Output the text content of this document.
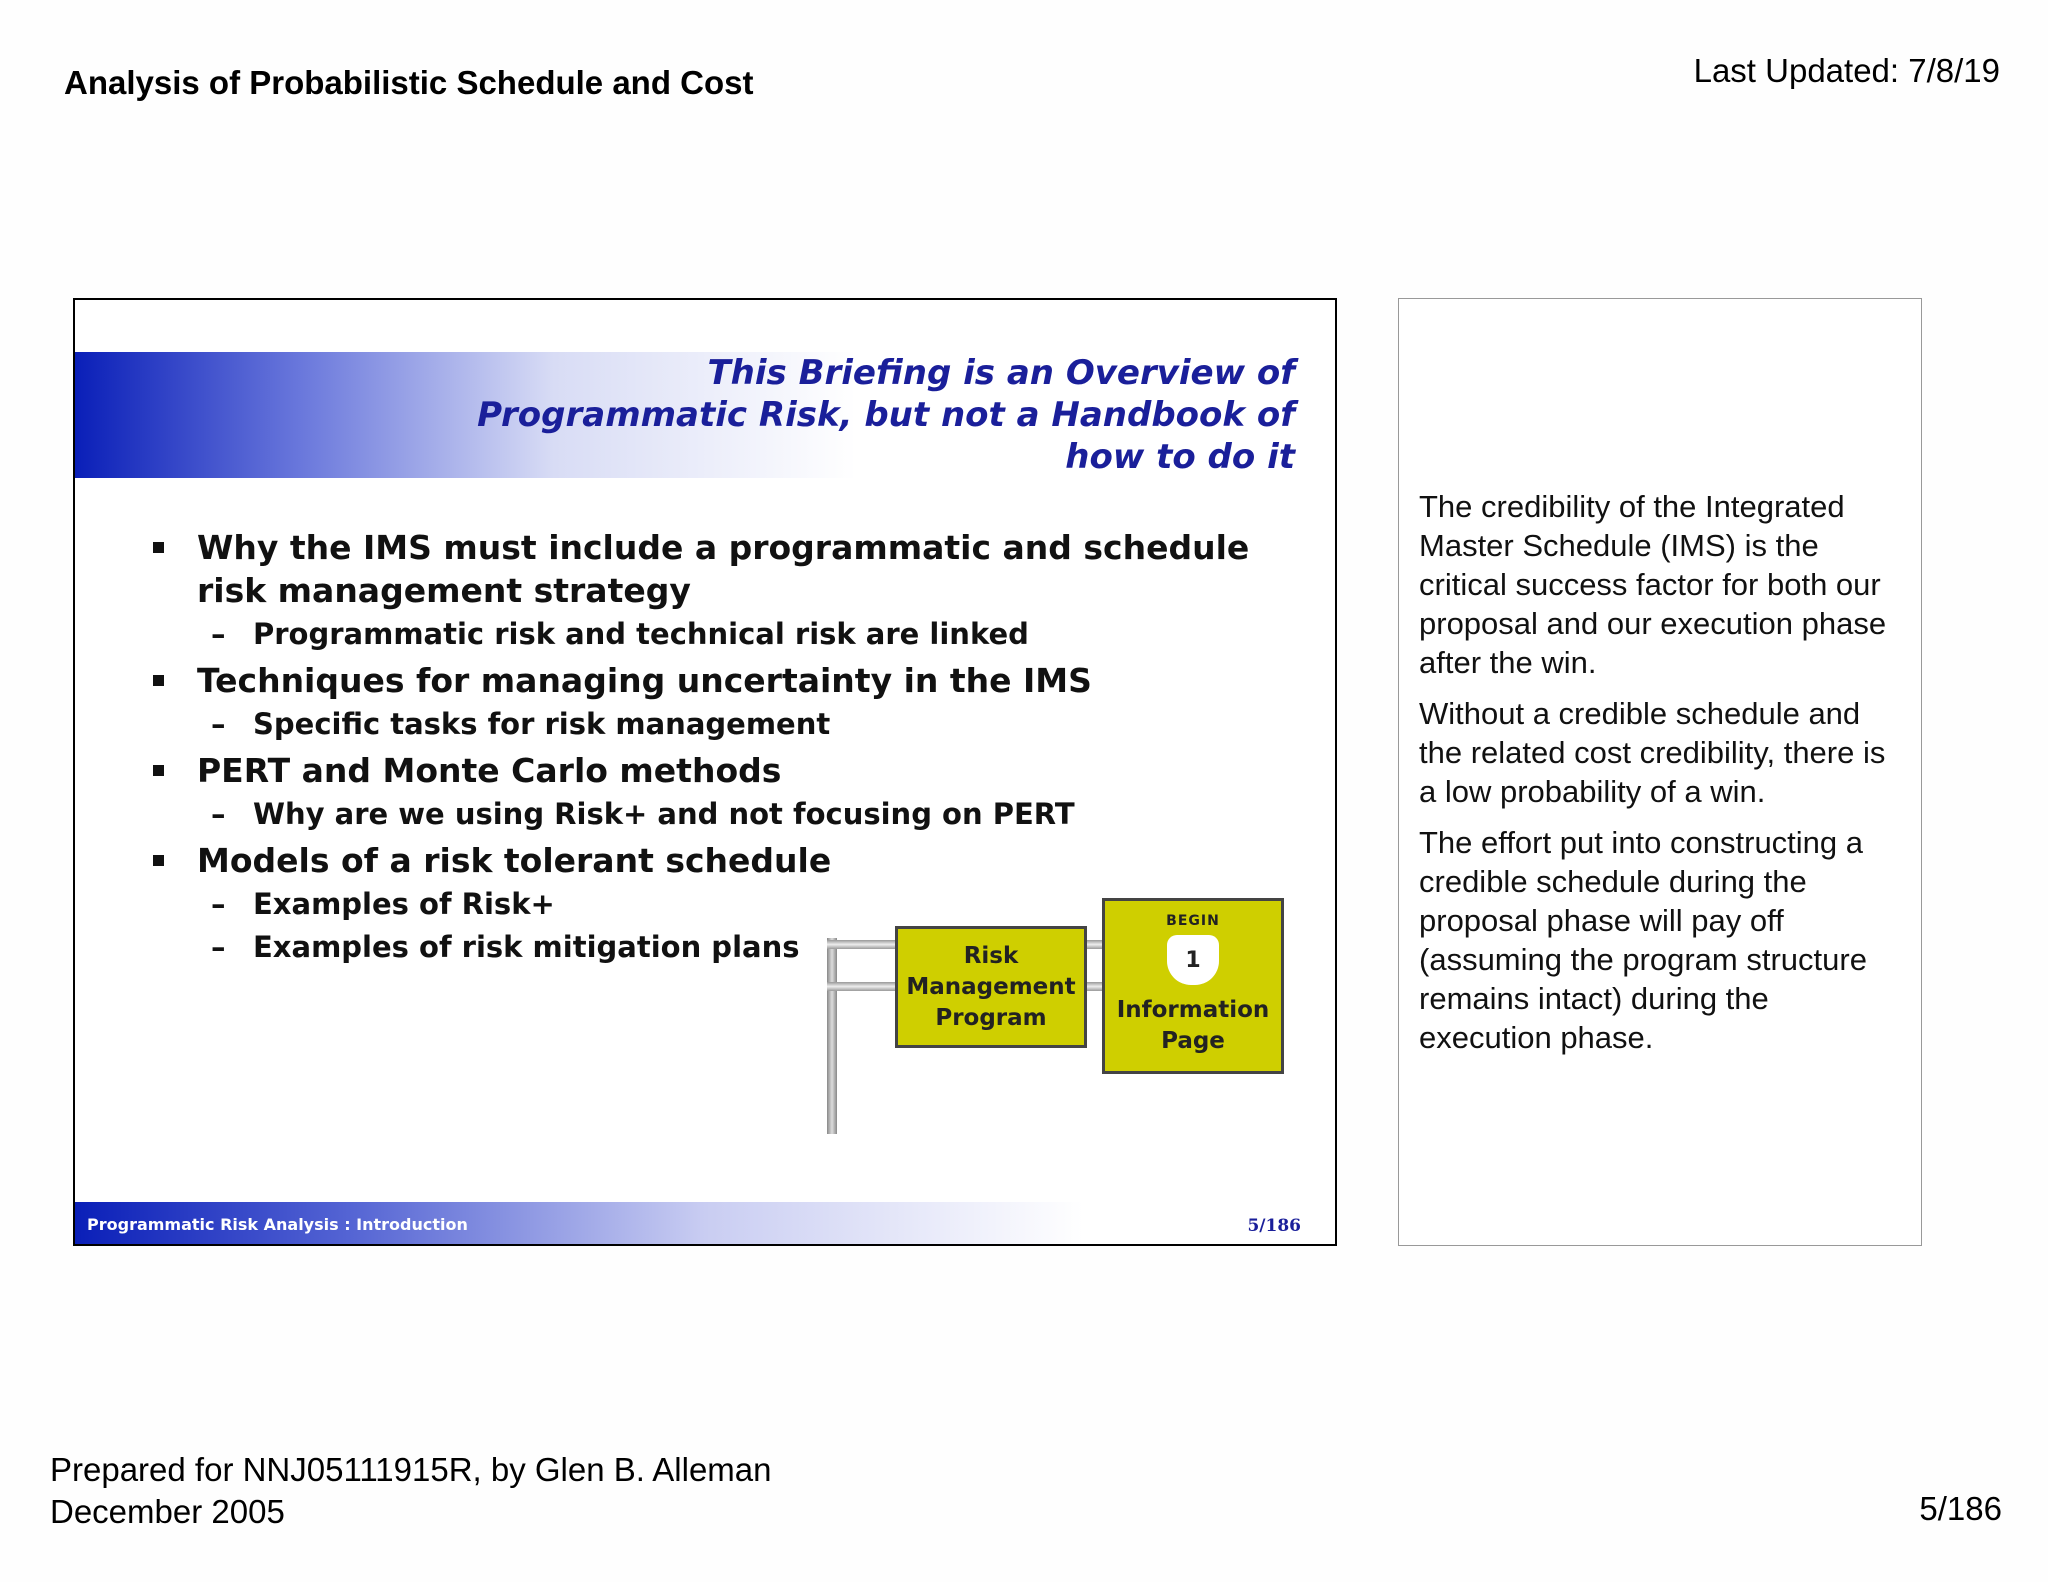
Analysis of Probabilistic Schedule and Cost	Last Updated: 7/8/19
This Briefing is an Overview of
Programmatic Risk, but not a Handbook of
how to do it
Why the IMS must include a programmatic and schedule risk management strategy
– Programmatic risk and technical risk are linked
Techniques for managing uncertainty in the IMS
– Specific tasks for risk management
PERT and Monte Carlo methods
– Why are we using Risk+ and not focusing on PERT
Models of a risk tolerant schedule
– Examples of Risk+
– Examples of risk mitigation plans	Risk Management Program
BEGIN
1
Information Page
Programmatic Risk Analysis : Introduction	5/186

The credibility of the Integrated Master Schedule (IMS) is the critical success factor for both our proposal and our execution phase after the win.

Without a credible schedule and the related cost credibility, there is a low probability of a win.

The effort put into constructing a credible schedule during the proposal phase will pay off (assuming the program structure remains intact) during the execution phase.

Prepared for NNJ05111915R, by Glen B. Alleman
December 2005	5/186
